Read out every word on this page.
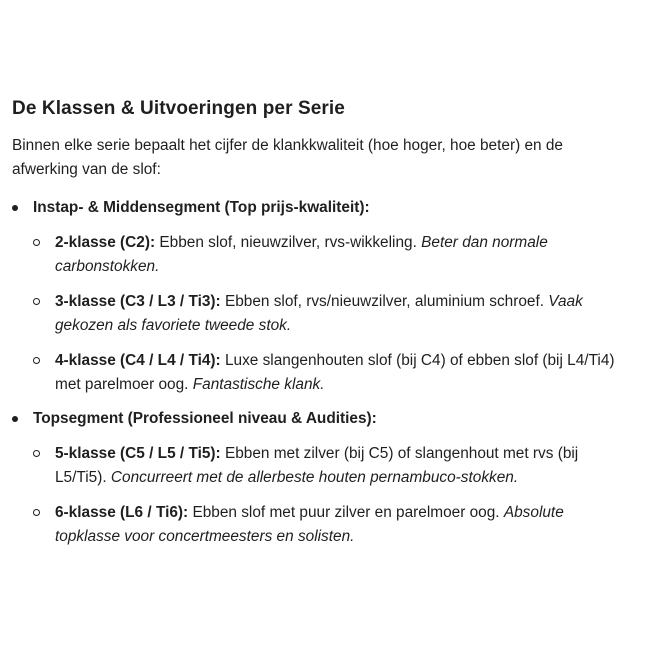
De Klassen & Uitvoeringen per Serie

Binnen elke serie bepaalt het cijfer de klankkwaliteit (hoe hoger, hoe beter) en de afwerking van de slof:

Instap- & Middensegment (Top prijs-kwaliteit):
2-klasse (C2): Ebben slof, nieuwzilver, rvs-wikkeling. Beter dan normale carbonstokken.
3-klasse (C3 / L3 / Ti3): Ebben slof, rvs/nieuwzilver, aluminium schroef. Vaak gekozen als favoriete tweede stok.
4-klasse (C4 / L4 / Ti4): Luxe slangenhouten slof (bij C4) of ebben slof (bij L4/Ti4) met parelmoer oog. Fantastische klank.
Topsegment (Professioneel niveau & Audities):
5-klasse (C5 / L5 / Ti5): Ebben met zilver (bij C5) of slangenhout met rvs (bij L5/Ti5). Concurreert met de allerbeste houten pernambuco-stokken.
6-klasse (L6 / Ti6): Ebben slof met puur zilver en parelmoer oog. Absolute topklasse voor concertmeesters en solisten.
